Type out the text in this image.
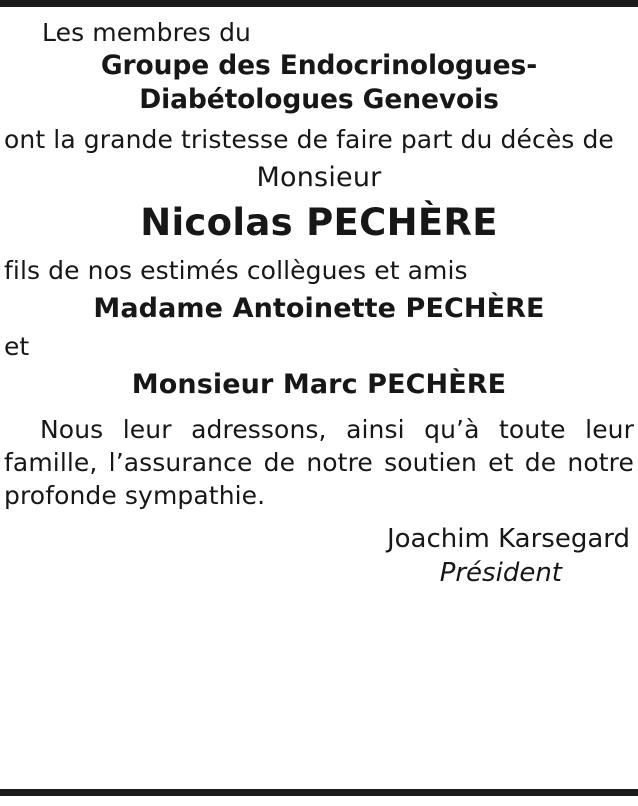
Les membres du

Groupe des Endocrinologues-
Diabétologues Genevois

ont la grande tristesse de faire part du décès de

Monsieur

Nicolas PECHÈRE

fils de nos estimés collègues et amis

Madame Antoinette PECHÈRE

et

Monsieur Marc PECHÈRE

Nous leur adressons, ainsi qu’à toute leur famille, l’assurance de notre soutien et de notre profonde sympathie.

Joachim Karsegard

Président
